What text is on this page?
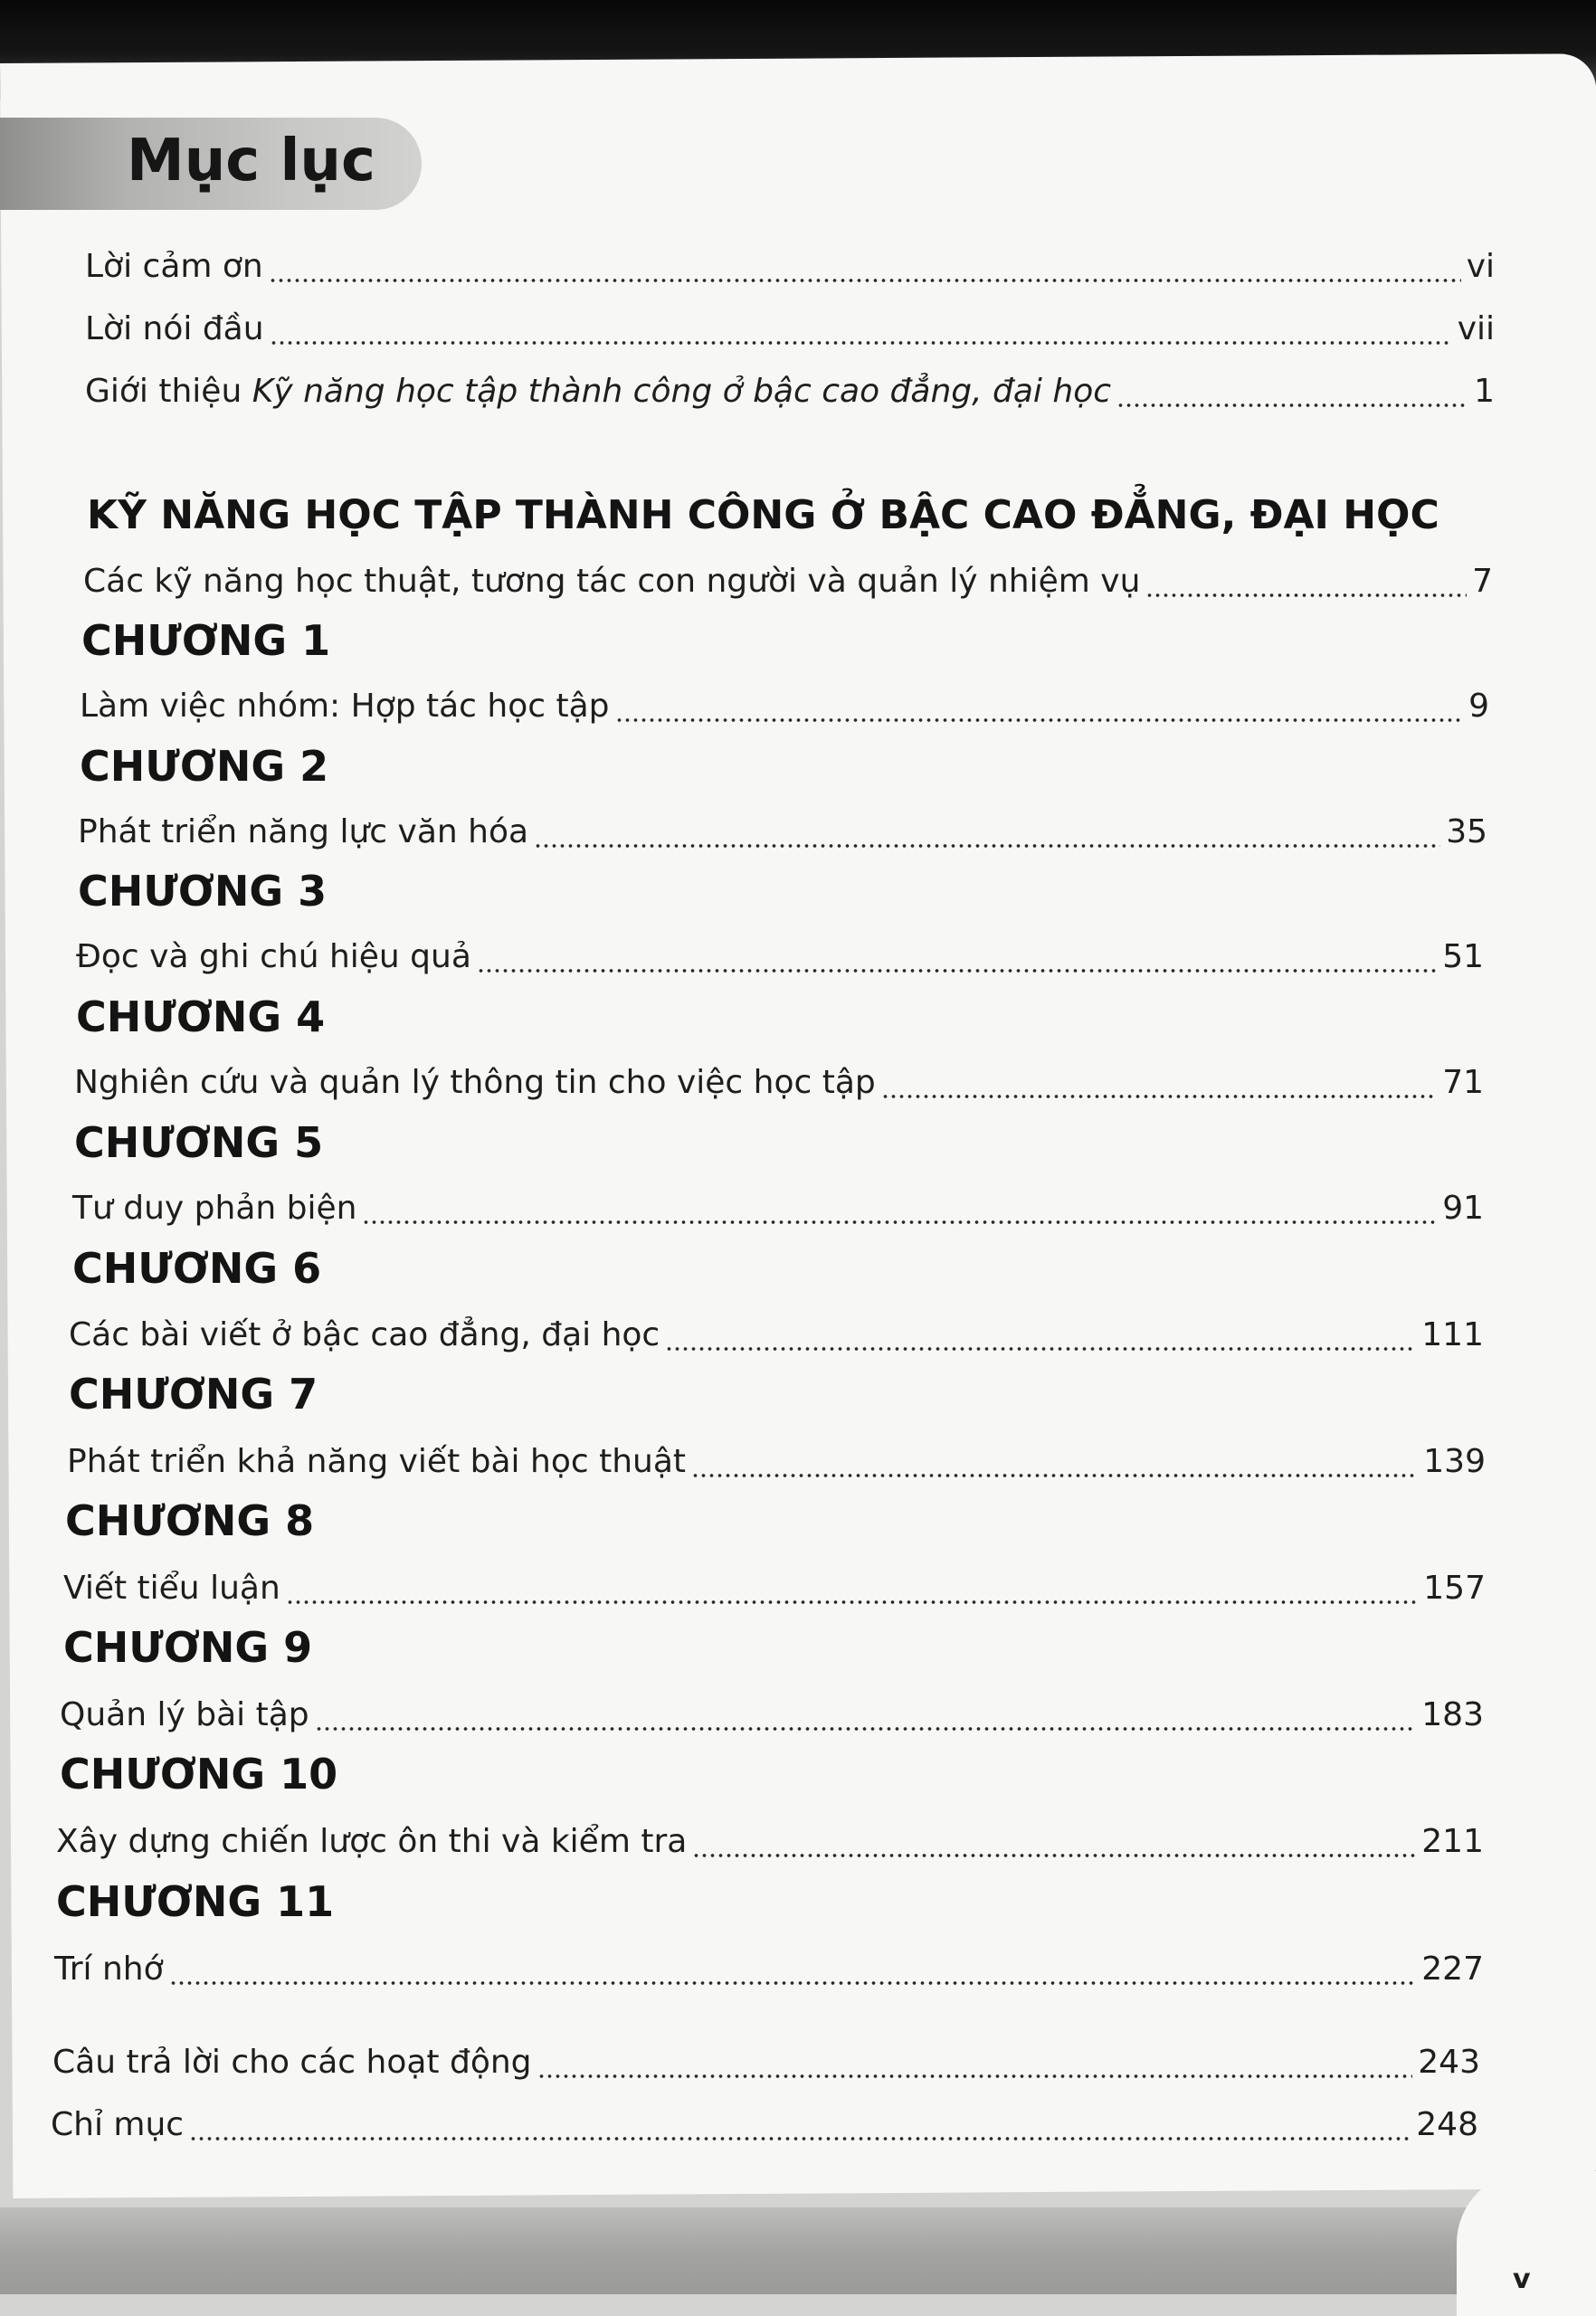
Mục lục
Lời cảm ơn	vi
Lời nói đầu	vii
Giới thiệu Kỹ năng học tập thành công ở bậc cao đẳng, đại học	1
KỸ NĂNG HỌC TẬP THÀNH CÔNG Ở BẬC CAO ĐẲNG, ĐẠI HỌC
Các kỹ năng học thuật, tương tác con người và quản lý nhiệm vụ	7
CHƯƠNG 1
Làm việc nhóm: Hợp tác học tập	9
CHƯƠNG 2
Phát triển năng lực văn hóa	35
CHƯƠNG 3
Đọc và ghi chú hiệu quả	51
CHƯƠNG 4
Nghiên cứu và quản lý thông tin cho việc học tập	71
CHƯƠNG 5
Tư duy phản biện	91
CHƯƠNG 6
Các bài viết ở bậc cao đẳng, đại học	111
CHƯƠNG 7
Phát triển khả năng viết bài học thuật	139
CHƯƠNG 8
Viết tiểu luận	157
CHƯƠNG 9
Quản lý bài tập	183
CHƯƠNG 10
Xây dựng chiến lược ôn thi và kiểm tra	211
CHƯƠNG 11
Trí nhớ	227
Câu trả lời cho các hoạt động	243
Chỉ mục	248
v
